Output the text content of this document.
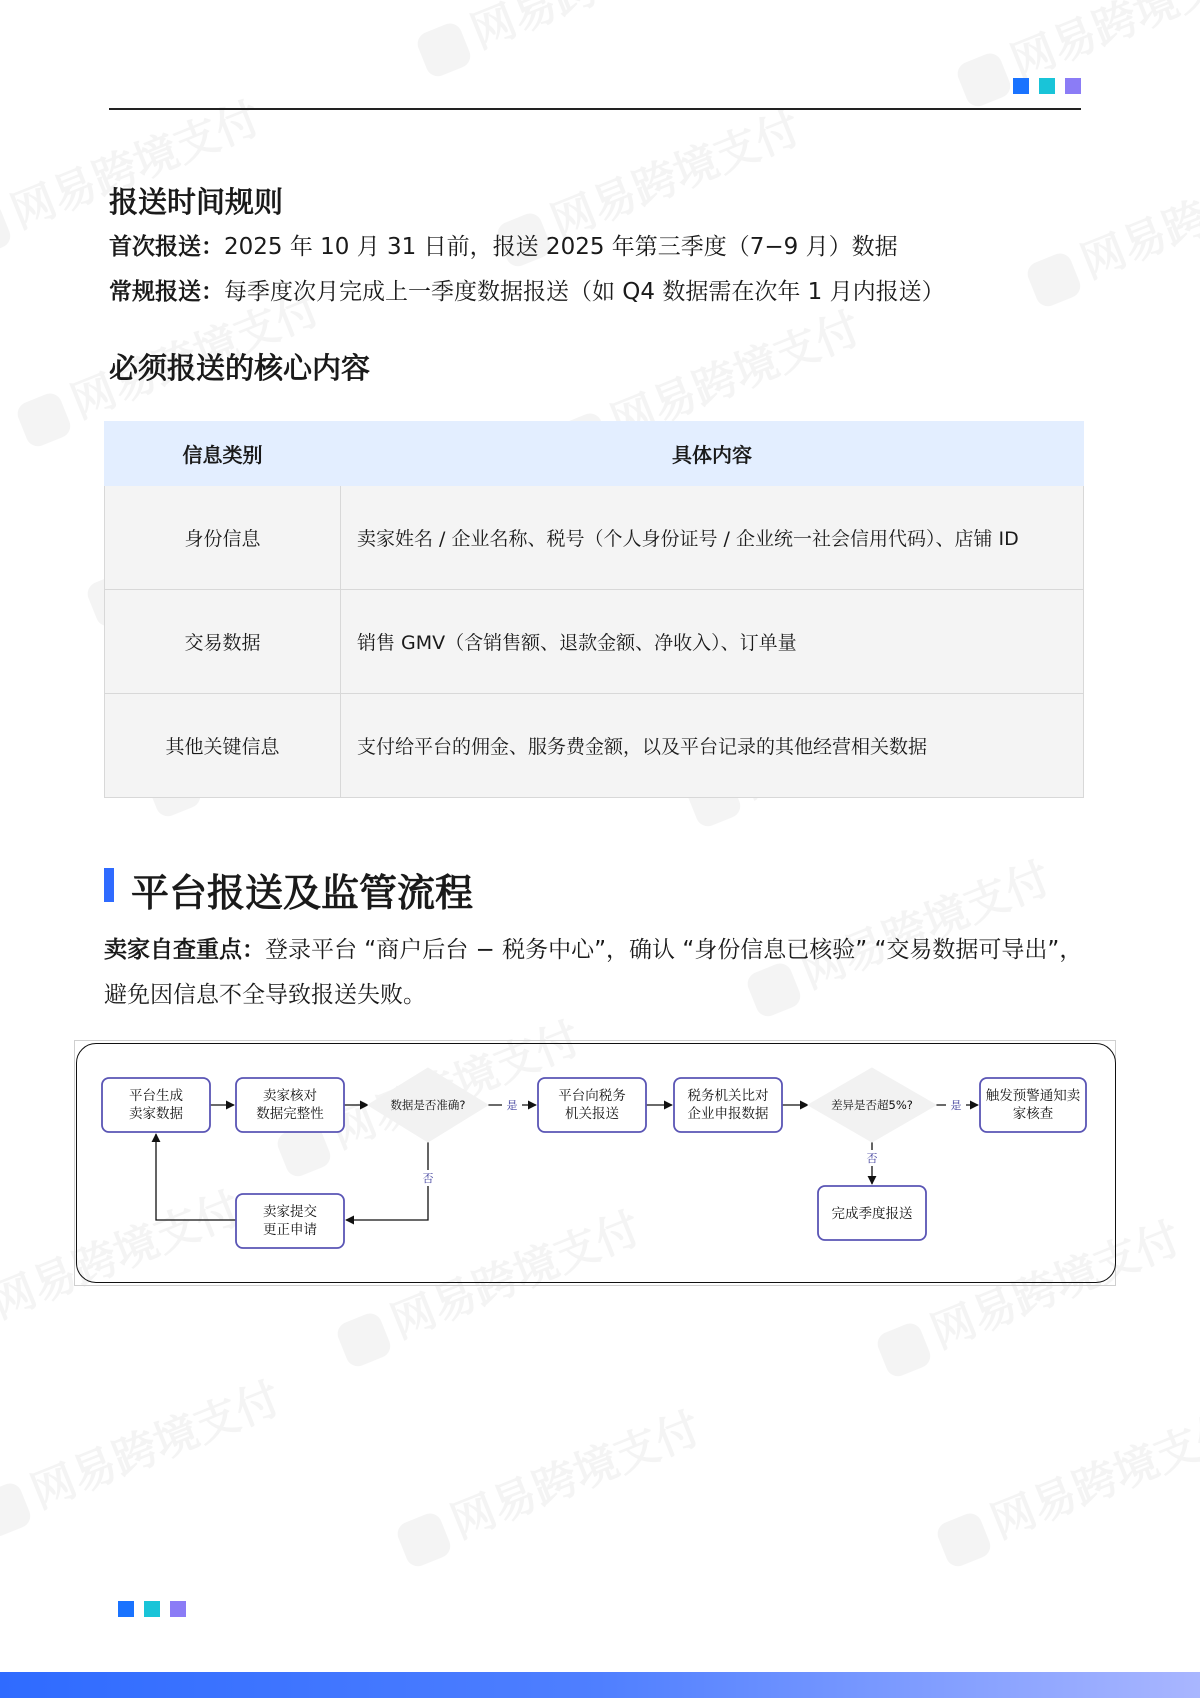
报送时间规则

首次报送：2025 年 10 月 31 日前，报送 2025 年第三季度（7−9 月）数据

常规报送：每季度次月完成上一季度数据报送（如 Q4 数据需在次年 1 月内报送）

必须报送的核心内容
信息类别	具体内容
身份信息	卖家姓名 / 企业名称、税号（个人身份证号 / 企业统一社会信用代码）、店铺 ID
交易数据	销售 GMV（含销售额、退款金额、净收入）、订单量
其他关键信息	支付给平台的佣金、服务费金额，以及平台记录的其他经营相关数据
平台报送及监管流程

卖家自查重点：登录平台 “商户后台 − 税务中心”，确认 “身份信息已核验” “交易数据可导出”，避免因信息不全导致报送失败。

是	是
否
否
平台生成
卖家数据
卖家核对
数据完整性
数据是否准确?
平台向税务
机关报送
税务机关比对
企业申报数据
差异是否超5%?
触发预警通知卖
家核查
完成季度报送
卖家提交
更正申请
